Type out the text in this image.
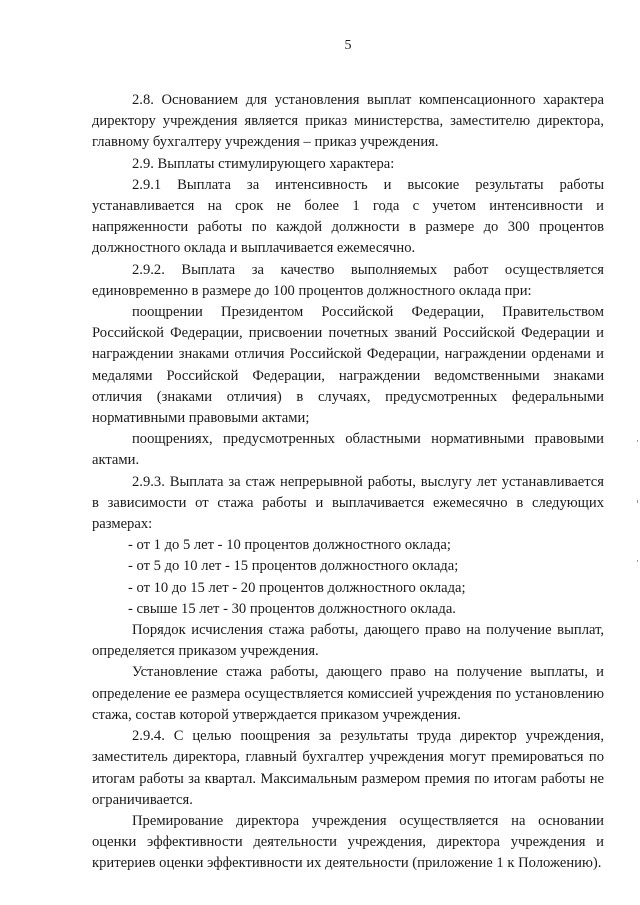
5

2.8. Основанием для установления выплат компенсационного характера директору учреждения является приказ министерства, заместителю директора, главному бухгалтеру учреждения – приказ учреждения.

2.9. Выплаты стимулирующего характера:

2.9.1 Выплата за интенсивность и высокие результаты работы устанавливается на срок не более 1 года с учетом интенсивности и напряженности работы по каждой должности в размере до 300 процентов должностного оклада и выплачивается ежемесячно.

2.9.2. Выплата за качество выполняемых работ осуществляется единовременно в размере до 100 процентов должностного оклада при:

поощрении Президентом Российской Федерации, Правительством Российской Федерации, присвоении почетных званий Российской Федерации и награждении знаками отличия Российской Федерации, награждении орденами и медалями Российской Федерации, награждении ведомственными знаками отличия (знаками отличия) в случаях, предусмотренных федеральными нормативными правовыми актами;

поощрениях, предусмотренных областными нормативными правовыми актами.

2.9.3. Выплата за стаж непрерывной работы, выслугу лет устанавливается в зависимости от стажа работы и выплачивается ежемесячно в следующих размерах:

- от 1 до 5 лет - 10 процентов должностного оклада;

- от 5 до 10 лет - 15 процентов должностного оклада;

- от 10 до 15 лет - 20 процентов должностного оклада;

- свыше 15 лет - 30 процентов должностного оклада.

Порядок исчисления стажа работы, дающего право на получение выплат, определяется приказом учреждения.

Установление стажа работы, дающего право на получение выплаты, и определение ее размера осуществляется комиссией учреждения по установлению стажа, состав которой утверждается приказом учреждения.

2.9.4. С целью поощрения за результаты труда директор учреждения, заместитель директора, главный бухгалтер учреждения могут премироваться по итогам работы за квартал. Максимальным размером премия по итогам работы не ограничивается.

Премирование директора учреждения осуществляется на основании оценки эффективности деятельности учреждения, директора учреждения и критериев оценки эффективности их деятельности (приложение 1 к Положению).
